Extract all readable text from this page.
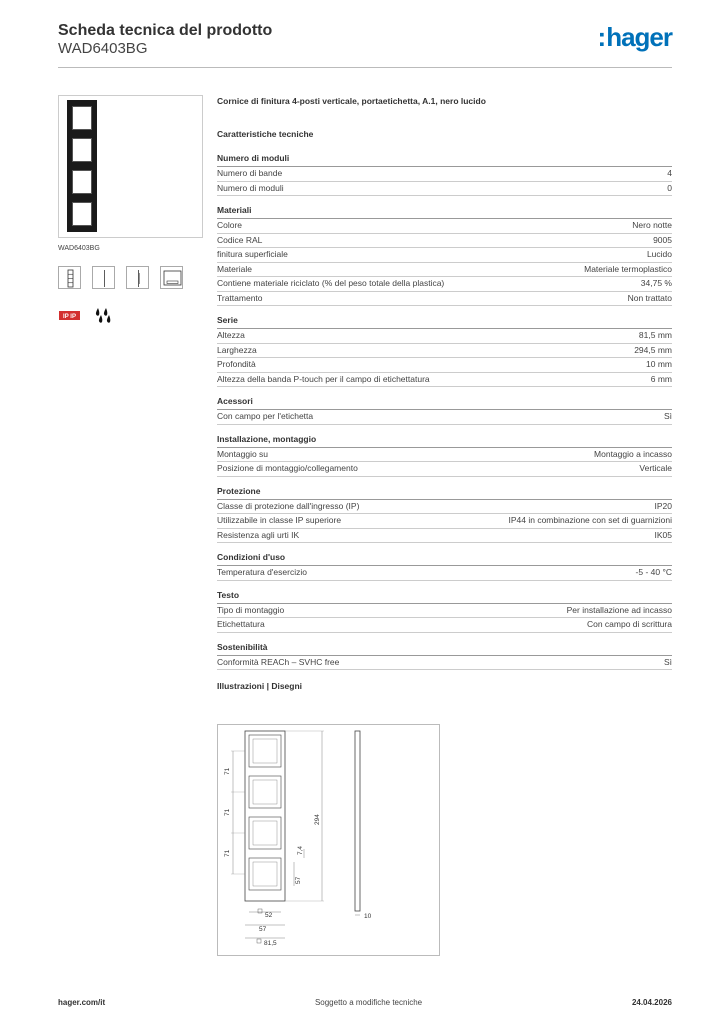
Scheda tecnica del prodotto
WAD6403BG	: hager
WAD6403BG
IP IP
Cornice di finitura 4-posti verticale, portaetichetta, A.1, nero lucido
Caratteristiche tecniche
Numero di moduli
Numero di bande	4
Numero di moduli	0
Materiali
Colore	Nero notte
Codice RAL	9005
finitura superficiale	Lucido
Materiale	Materiale termoplastico
Contiene materiale riciclato (% del peso totale della plastica)	34,75 %
Trattamento	Non trattato
Serie
Altezza	81,5 mm
Larghezza	294,5 mm
Profondità	10 mm
Altezza della banda P-touch per il campo di etichettatura	6 mm
Acessori
Con campo per l'etichetta	Sì
Installazione, montaggio
Montaggio su	Montaggio a incasso
Posizione di montaggio/collegamento	Verticale
Protezione
Classe di protezione dall'ingresso (IP)	IP20
Utilizzabile in classe IP superiore	IP44 in combinazione con set di guarnizioni
Resistenza agli urti IK	IK05
Condizioni d'uso
Temperatura d'esercizio	-5 - 40 °C
Testo
Tipo di montaggio	Per installazione ad incasso
Etichettatura	Con campo di scrittura
Sostenibilità
Conformità REACh – SVHC free	Sì
Illustrazioni | Disegni
71
71
71
294
7,4
57
52
57
81,5
10
hager.com/it	Soggetto a modifiche tecniche	24.04.2026
